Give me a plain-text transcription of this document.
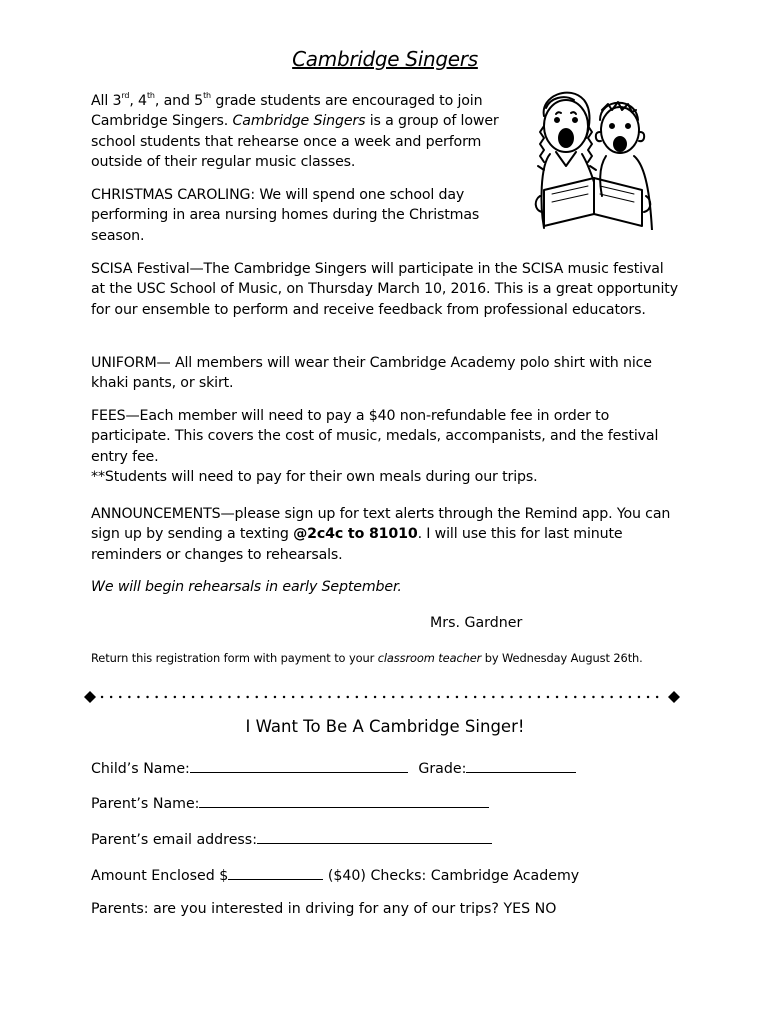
Cambridge Singers
All 3rd, 4th, and 5th grade students are encouraged to join Cambridge Singers. Cambridge Singers is a group of lower school students that rehearse once a week and perform outside of their regular music classes.
CHRISTMAS CAROLING: We will spend one school day performing in area nursing homes during the Christmas season.
SCISA Festival—The Cambridge Singers will participate in the SCISA music festival at the USC School of Music, on Thursday March 10, 2016. This is a great opportunity for our ensemble to perform and receive feedback from professional educators.
UNIFORM— All members will wear their Cambridge Academy polo shirt with nice khaki pants, or skirt.
FEES—Each member will need to pay a $40 non-refundable fee in order to participate. This covers the cost of music, medals, accompanists, and the festival entry fee.
**Students will need to pay for their own meals during our trips.
ANNOUNCEMENTS—please sign up for text alerts through the Remind app. You can sign up by sending a texting @2c4c to 81010. I will use this for last minute reminders or changes to rehearsals.
We will begin rehearsals in early September.
Mrs. Gardner
Return this registration form with payment to your classroom teacher by Wednesday August 26th.
I Want To Be A Cambridge Singer!
Child’s Name:	Grade:
Parent’s Name:
Parent’s email address:
Amount Enclosed $	($40) Checks: Cambridge Academy
Parents: are you interested in driving for any of our trips? YES NO
